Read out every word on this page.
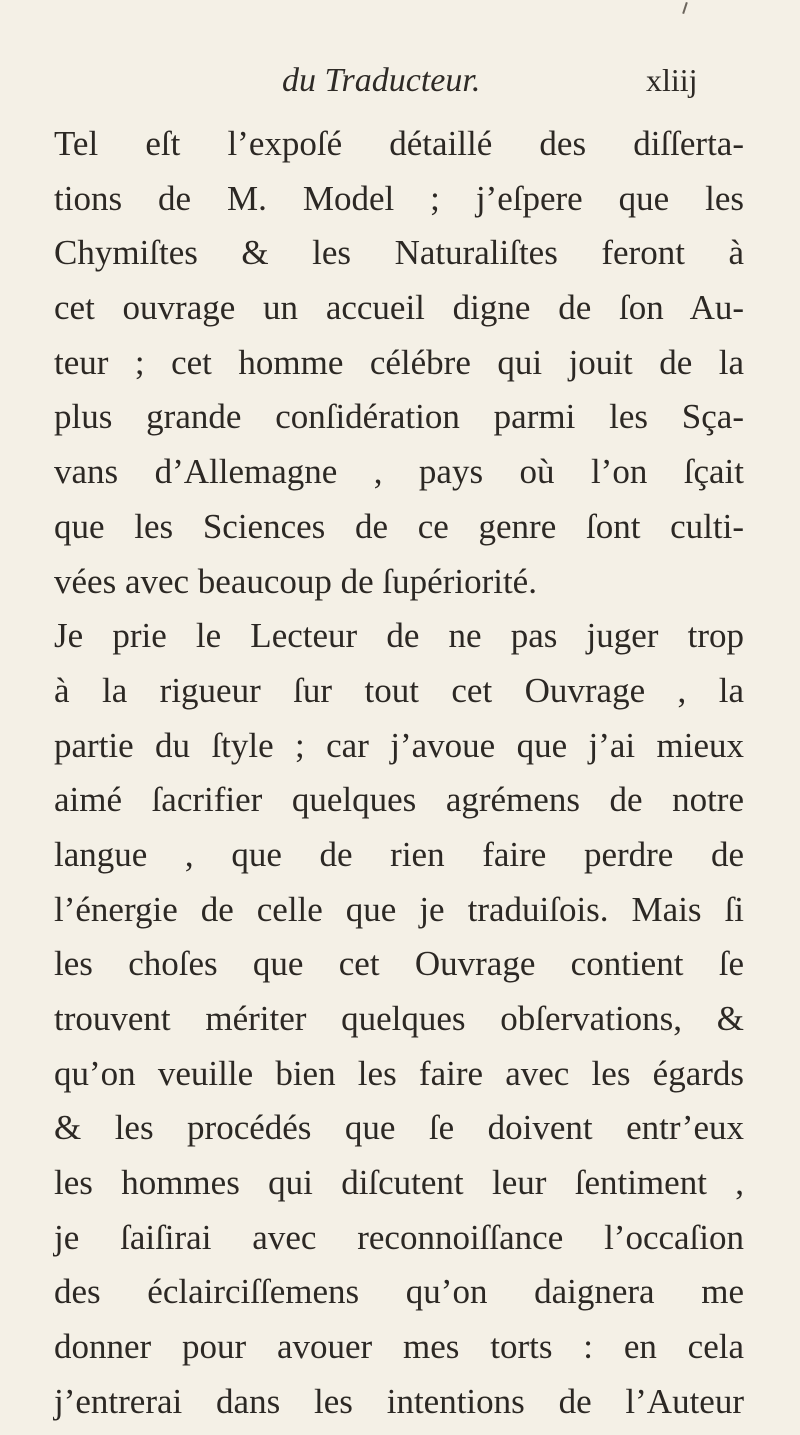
du Traducteur.	xliij
Tel eſt l’expoſé détaillé des diſſerta-
tions de M. Model ; j’eſpere que les
Chymiſtes & les Naturaliſtes feront à
cet ouvrage un accueil digne de ſon Au-
teur ; cet homme célébre qui jouit de la
plus grande conſidération parmi les Sça-
vans d’Allemagne , pays où l’on ſçait
que les Sciences de ce genre ſont culti-
vées avec beaucoup de ſupériorité.
Je prie le Lecteur de ne pas juger trop
à la rigueur ſur tout cet Ouvrage , la
partie du ſtyle ; car j’avoue que j’ai mieux
aimé ſacrifier quelques agrémens de notre
langue , que de rien faire perdre de
l’énergie de celle que je traduiſois. Mais ſi
les choſes que cet Ouvrage contient ſe
trouvent mériter quelques obſervations, &
qu’on veuille bien les faire avec les égards
& les procédés que ſe doivent entr’eux
les hommes qui diſcutent leur ſentiment ,
je ſaiſirai avec reconnoiſſance l’occaſion
des éclairciſſemens qu’on daignera me
donner pour avouer mes torts : en cela
j’entrerai dans les intentions de l’Auteur
